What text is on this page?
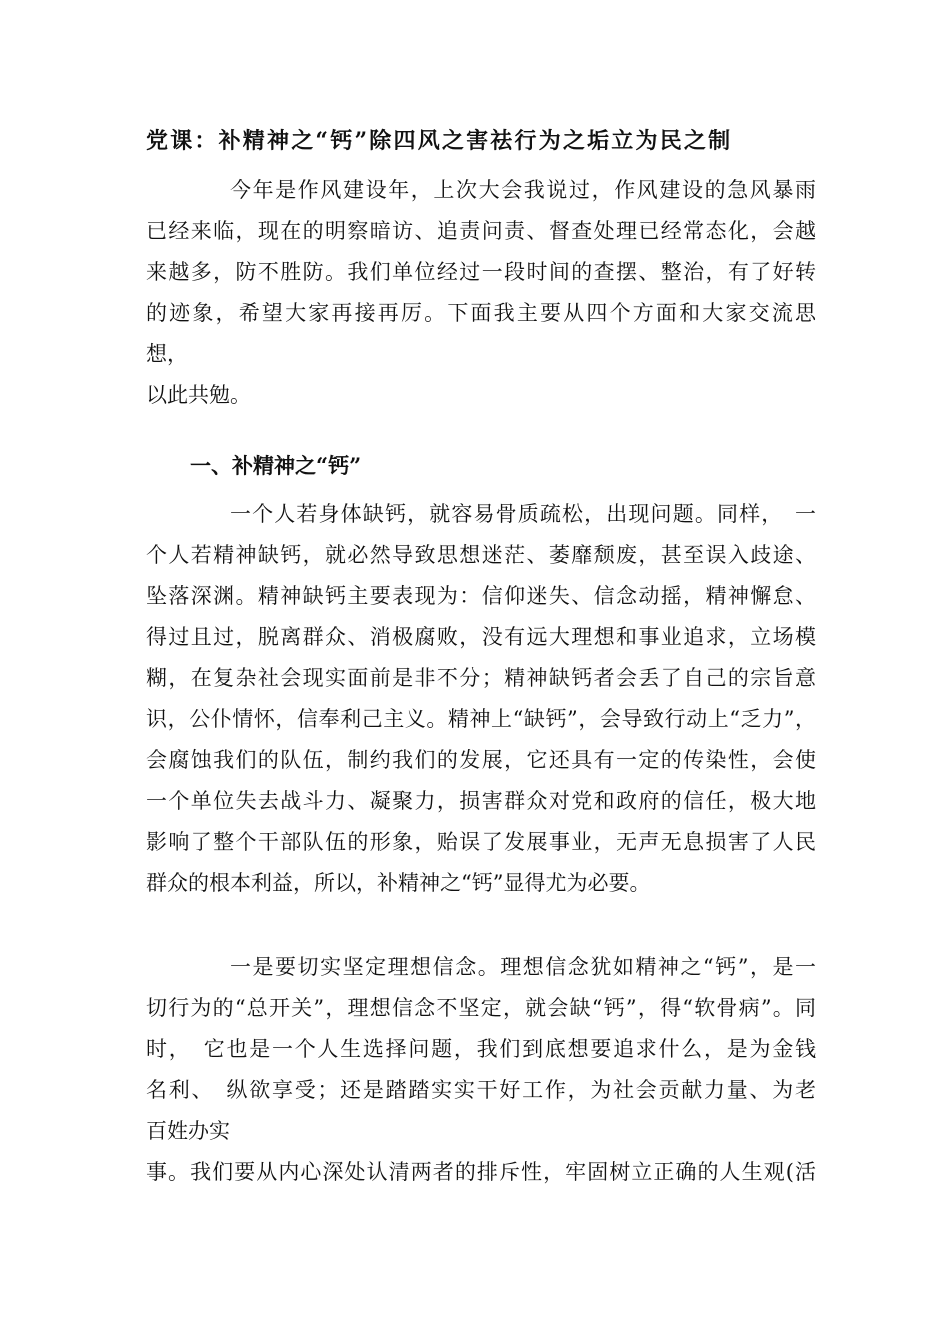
党课：补精神之“钙”除四风之害祛行为之垢立为民之制
今年是作风建设年，上次大会我说过，作风建设的急风暴雨
已经来临，现在的明察暗访、追责问责、督查处理已经常态化，会越
来越多，防不胜防。我们单位经过一段时间的查摆、整治，有了好转
的迹象，希望大家再接再厉。下面我主要从四个方面和大家交流思
想，
以此共勉。
一、补精神之“钙”
一个人若身体缺钙，就容易骨质疏松，出现问题。同样，　一
个人若精神缺钙，就必然导致思想迷茫、萎靡颓废，甚至误入歧途、
坠落深渊。精神缺钙主要表现为：信仰迷失、信念动摇，精神懈怠、
得过且过，脱离群众、消极腐败，没有远大理想和事业追求，立场模
糊，在复杂社会现实面前是非不分；精神缺钙者会丢了自己的宗旨意
识，公仆情怀，信奉利己主义。精神上“缺钙”，会导致行动上“乏力”，
会腐蚀我们的队伍，制约我们的发展，它还具有一定的传染性，会使
一个单位失去战斗力、凝聚力，损害群众对党和政府的信任，极大地
影响了整个干部队伍的形象，贻误了发展事业，无声无息损害了人民
群众的根本利益，所以，补精神之“钙”显得尤为必要。
一是要切实坚定理想信念。理想信念犹如精神之“钙”，是一
切行为的“总开关”，理想信念不坚定，就会缺“钙”，得“软骨病”。同
时，　它也是一个人生选择问题，我们到底想要追求什么，是为金钱
名利、　纵欲享受；还是踏踏实实干好工作，为社会贡献力量、为老
百姓办实
事。我们要从内心深处认清两者的排斥性，牢固树立正确的人生观(活
